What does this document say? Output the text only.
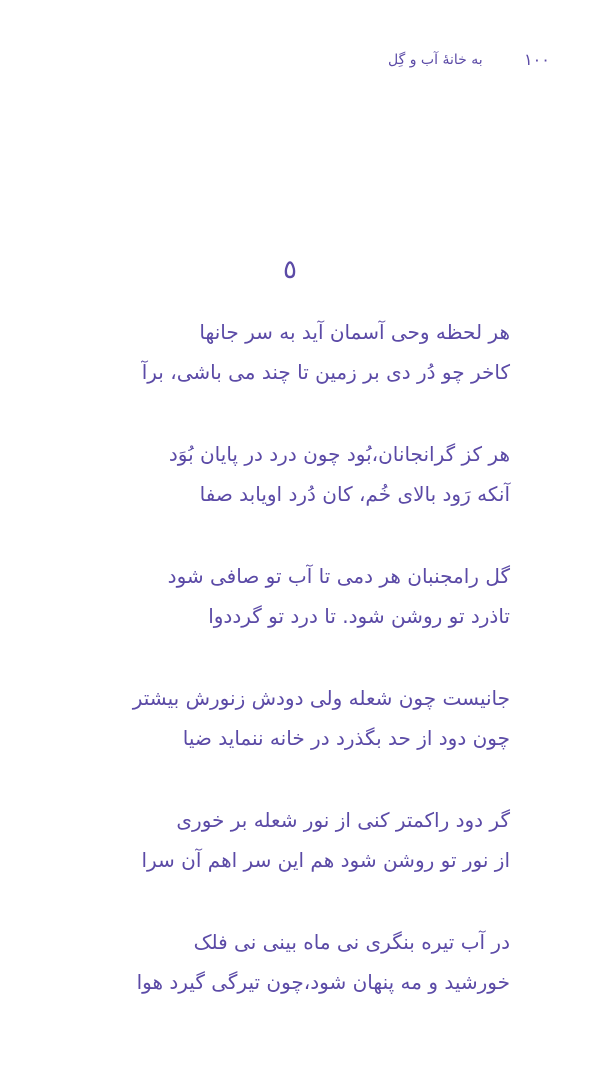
به خانهٔ آب و گِل	۱۰۰
٥
هر لحظه وحی آسمان آید به سر جانها
کاخر چو دُر دی بر زمین تا چند می باشی، برآ
هر کز گرانجانان،بُود چون درد در پایان بُوَد
آنکه رَود بالای خُم، کان دُرد اویابد صفا
گل رامجنبان هر دمی تا آب تو صافی شود
تاذرد تو روشن شود. تا درد تو گرددوا
جانیست چون شعله ولی دودش زنورش بیشتر
چون دود از حد بگذرد در خانه ننماید ضیا
گر دود راکمتر کنی از نور شعله بر خوری
از نور تو روشن شود هم این سر اهم آن سرا
در آب تیره بنگری نی ماه بینی نی فلک
خورشید و مه پنهان شود،چون تیرگی گیرد هوا
